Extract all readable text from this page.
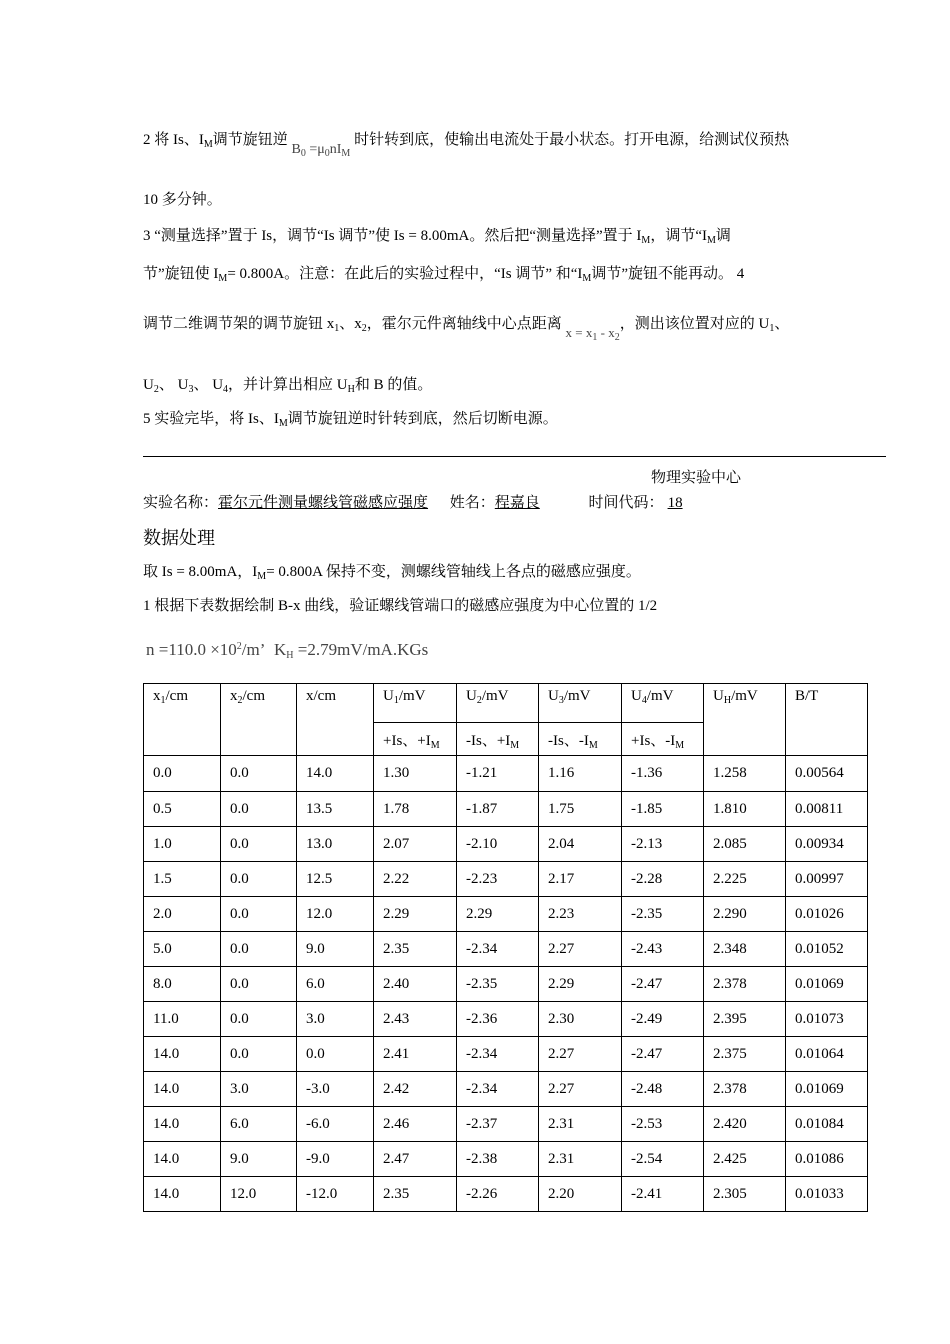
2 将 Is、$I_M$调节旋钮逆 $B_0 =\mu_0nI_M$ 时针转到底，使输出电流处于最小状态。打开电源，给测试仪预热
10 多分钟。
3 “测量选择”置于 Is，调节“Is 调节”使 Is = 8.00mA。然后把“测量选择”置于 $I_M$，调节“$I_M$调
节”旋钮使 $I_M= 0.800A$。注意：在此后的实验过程中，“Is 调节” 和“$I_M$调节”旋钮不能再动。 4
调节二维调节架的调节旋钮 $x_1$、$x_2$，霍尔元件离轴线中心点距离 $x = x_1 - x_2$，测出该位置对应的 $U_1$、
$U_2$、 $U_3$、 $U_4$，并计算出相应 $U_H$和 B 的值。
5 实验完毕，将 Is、$I_M$调节旋钮逆时针转到底，然后切断电源。
物理实验中心
实验名称：霍尔元件测量螺线管磁感应强度 姓名：程嘉良	时间代码： 18
数据处理
取 Is = 8.00mA，$I_M= 0.800A$ 保持不变，测螺线管轴线上各点的磁感应强度。
1 根据下表数据绘制 B-x 曲线，验证螺线管端口的磁感应强度为中心位置的 1/2
$n =110.0 \times 10^2/m$’ $K_H =2.79mV/mA.KGs$
$x_1/cm$	$x_2/cm$	x/cm	$U_1/mV$	$U_2/mV$	$U_3/mV$	$U_4/mV$	$U_H/mV$	B/T
			+Is、$+I_M$	-Is、$+I_M$	-Is、$-I_M$	+Is、$-I_M$
0.0	0.0	14.0	1.30	-1.21	1.16	-1.36	1.258	0.00564
0.5	0.0	13.5	1.78	-1.87	1.75	-1.85	1.810	0.00811
1.0	0.0	13.0	2.07	-2.10	2.04	-2.13	2.085	0.00934
1.5	0.0	12.5	2.22	-2.23	2.17	-2.28	2.225	0.00997
2.0	0.0	12.0	2.29	2.29	2.23	-2.35	2.290	0.01026
5.0	0.0	9.0	2.35	-2.34	2.27	-2.43	2.348	0.01052
8.0	0.0	6.0	2.40	-2.35	2.29	-2.47	2.378	0.01069
11.0	0.0	3.0	2.43	-2.36	2.30	-2.49	2.395	0.01073
14.0	0.0	0.0	2.41	-2.34	2.27	-2.47	2.375	0.01064
14.0	3.0	-3.0	2.42	-2.34	2.27	-2.48	2.378	0.01069
14.0	6.0	-6.0	2.46	-2.37	2.31	-2.53	2.420	0.01084
14.0	9.0	-9.0	2.47	-2.38	2.31	-2.54	2.425	0.01086
14.0	12.0	-12.0	2.35	-2.26	2.20	-2.41	2.305	0.01033
